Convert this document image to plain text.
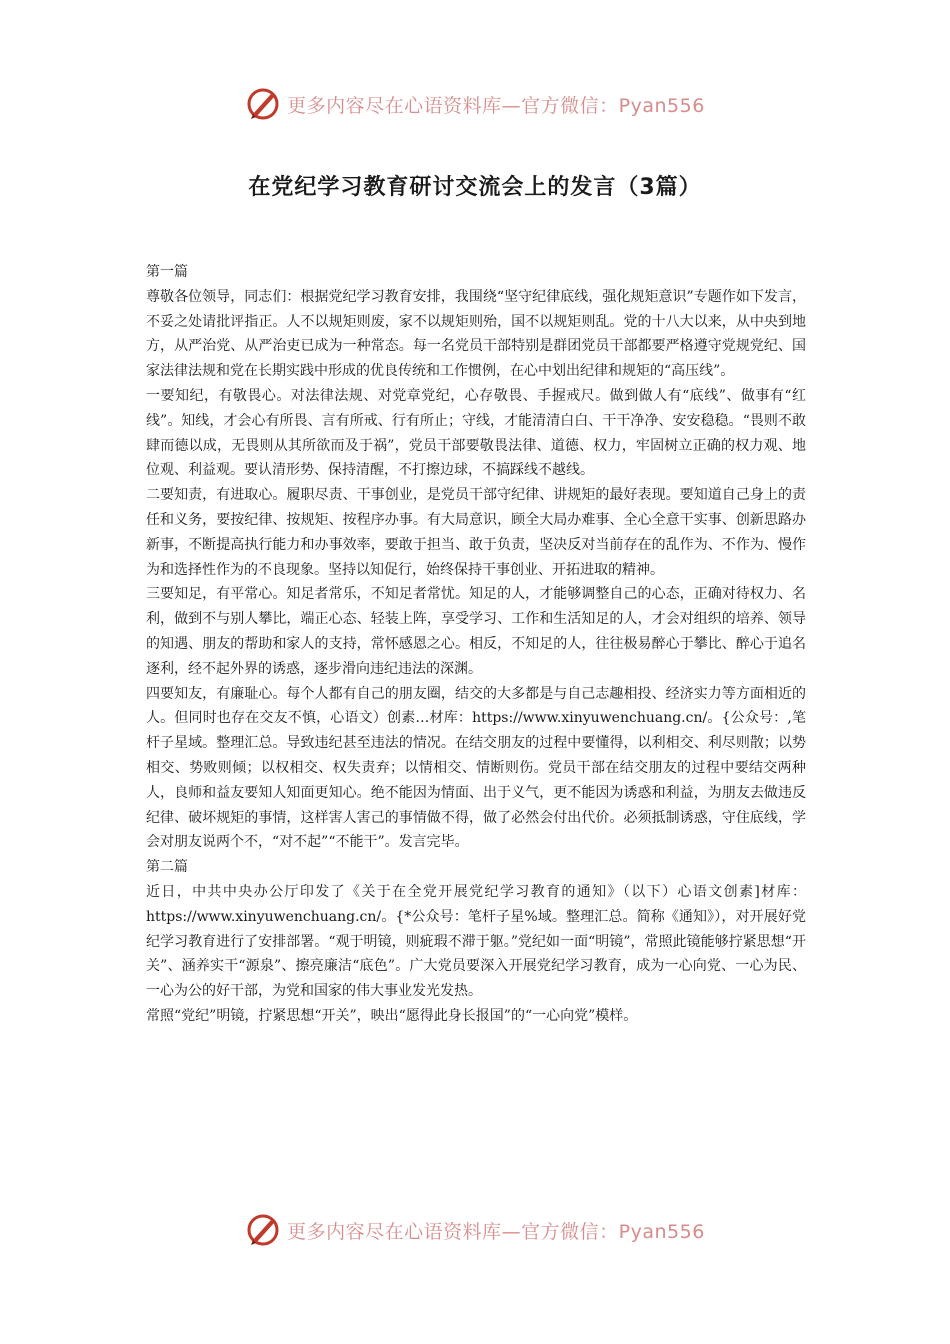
更多内容尽在心语资料库—官方微信：Pyan556
在党纪学习教育研讨交流会上的发言（3篇）

第一篇

尊敬各位领导，同志们：根据党纪学习教育安排，我围绕“坚守纪律底线，强化规矩意识”专题作如下发言，不妥之处请批评指正。人不以规矩则废，家不以规矩则殆，国不以规矩则乱。党的十八大以来，从中央到地方，从严治党、从严治吏已成为一种常态。每一名党员干部特别是群团党员干部都要严格遵守党规党纪、国家法律法规和党在长期实践中形成的优良传统和工作惯例，在心中划出纪律和规矩的“高压线”。

一要知纪，有敬畏心。对法律法规、对党章党纪，心存敬畏、手握戒尺。做到做人有“底线”、做事有“红线”。知线，才会心有所畏、言有所戒、行有所止；守线，才能清清白白、干干净净、安安稳稳。“畏则不敢肆而德以成，无畏则从其所欲而及于祸”，党员干部要敬畏法律、道德、权力，牢固树立正确的权力观、地位观、利益观。要认清形势、保持清醒，不打擦边球，不搞踩线不越线。

二要知责，有进取心。履职尽责、干事创业，是党员干部守纪律、讲规矩的最好表现。要知道自己身上的责任和义务，要按纪律、按规矩、按程序办事。有大局意识，顾全大局办难事、全心全意干实事、创新思路办新事，不断提高执行能力和办事效率，要敢于担当、敢于负责，坚决反对当前存在的乱作为、不作为、慢作为和选择性作为的不良现象。坚持以知促行，始终保持干事创业、开拓进取的精神。

三要知足，有平常心。知足者常乐，不知足者常忧。知足的人，才能够调整自己的心态，正确对待权力、名利，做到不与别人攀比，端正心态、轻装上阵，享受学习、工作和生活知足的人，才会对组织的培养、领导的知遇、朋友的帮助和家人的支持，常怀感恩之心。相反，不知足的人，往往极易醉心于攀比、醉心于追名逐利，经不起外界的诱惑，逐步滑向违纪违法的深渊。

四要知友，有廉耻心。每个人都有自己的朋友圈，结交的大多都是与自己志趣相投、经济实力等方面相近的人。但同时也存在交友不慎，心语文）创素…材库：https://www.xinyuwenchuang.cn/。{公众号：,笔杆子星域。整理汇总。导致违纪甚至违法的情况。在结交朋友的过程中要懂得，以利相交、利尽则散；以势相交、势败则倾；以权相交、权失责弃；以情相交、情断则伤。党员干部在结交朋友的过程中要结交两种人，良师和益友要知人知面更知心。绝不能因为情面、出于义气，更不能因为诱惑和利益，为朋友去做违反纪律、破坏规矩的事情，这样害人害己的事情做不得，做了必然会付出代价。必须抵制诱惑，守住底线，学会对朋友说两个不，“对不起”“不能干”。发言完毕。

第二篇

近日，中共中央办公厅印发了《关于在全党开展党纪学习教育的通知》（以下）心语文创素]材库：https://www.xinyuwenchuang.cn/。{*公众号：笔杆子星%域。整理汇总。简称《通知》），对开展好党纪学习教育进行了安排部署。“观于明镜，则疵瑕不滞于躯。”党纪如一面“明镜”，常照此镜能够拧紧思想“开关”、涵养实干“源泉”、擦亮廉洁“底色”。广大党员要深入开展党纪学习教育，成为一心向党、一心为民、一心为公的好干部，为党和国家的伟大事业发光发热。

常照“党纪”明镜，拧紧思想“开关”，映出“愿得此身长报国”的“一心向党”模样。

更多内容尽在心语资料库—官方微信：Pyan556
